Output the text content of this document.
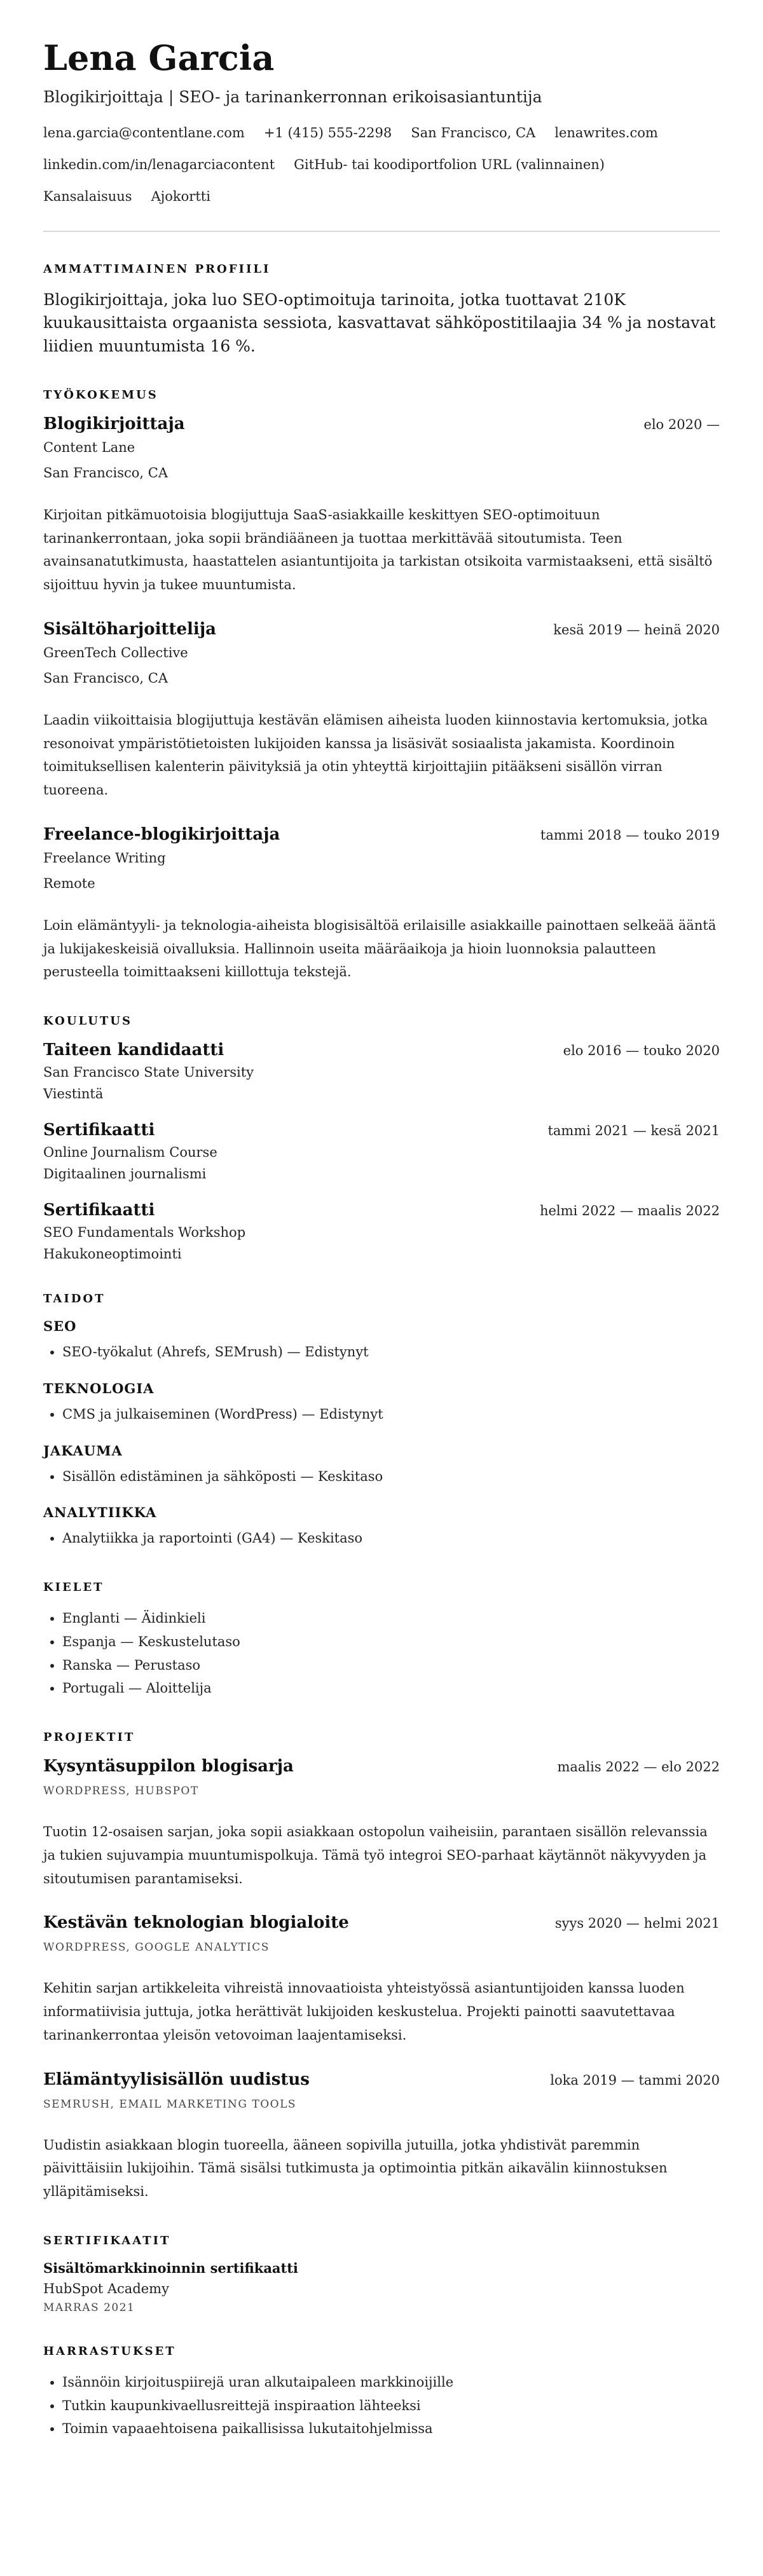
Lena Garcia
Blogikirjoittaja | SEO- ja tarinankerronnan erikoisasiantuntija
lena.garcia@contentlane.com +1 (415) 555-2298 San Francisco, CA lenawrites.com
linkedin.com/in/lenagarciacontent GitHub- tai koodiportfolion URL (valinnainen)
Kansalaisuus Ajokortti
AMMATTIMAINEN PROFIILI

Blogikirjoittaja, joka luo SEO-optimoituja tarinoita, jotka tuottavat 210K kuukausittaista orgaanista sessiota, kasvattavat sähköpostitilaajia 34 % ja nostavat liidien muuntumista 16 %.

TYÖKOKEMUS
Blogikirjoittaja	elo 2020 —
Content Lane
San Francisco, CA
Kirjoitan pitkämuotoisia blogijuttuja SaaS-asiakkaille keskittyen SEO-optimoituun tarinankerrontaan, joka sopii brändiääneen ja tuottaa merkittävää sitoutumista. Teen avainsanatutkimusta, haastattelen asiantuntijoita ja tarkistan otsikoita varmistaakseni, että sisältö sijoittuu hyvin ja tukee muuntumista.
Sisältöharjoittelija	kesä 2019 — heinä 2020
GreenTech Collective
San Francisco, CA
Laadin viikoittaisia blogijuttuja kestävän elämisen aiheista luoden kiinnostavia kertomuksia, jotka resonoivat ympäristötietoisten lukijoiden kanssa ja lisäsivät sosiaalista jakamista. Koordinoin toimituksellisen kalenterin päivityksiä ja otin yhteyttä kirjoittajiin pitääkseni sisällön virran tuoreena.
Freelance-blogikirjoittaja	tammi 2018 — touko 2019
Freelance Writing
Remote
Loin elämäntyyli- ja teknologia-aiheista blogisisältöä erilaisille asiakkaille painottaen selkeää ääntä ja lukijakeskeisiä oivalluksia. Hallinnoin useita määräaikoja ja hioin luonnoksia palautteen perusteella toimittaakseni kiillottuja tekstejä.
KOULUTUS
Taiteen kandidaatti	elo 2016 — touko 2020
San Francisco State University
Viestintä
Sertifikaatti	tammi 2021 — kesä 2021
Online Journalism Course
Digitaalinen journalismi
Sertifikaatti	helmi 2022 — maalis 2022
SEO Fundamentals Workshop
Hakukoneoptimointi
TAIDOT
SEO
• SEO-työkalut (Ahrefs, SEMrush) — Edistynyt
TEKNOLOGIA
• CMS ja julkaiseminen (WordPress) — Edistynyt
JAKAUMA
• Sisällön edistäminen ja sähköposti — Keskitaso
ANALYTIIKKA
• Analytiikka ja raportointi (GA4) — Keskitaso
KIELET
• Englanti — Äidinkieli
• Espanja — Keskustelutaso
• Ranska — Perustaso
• Portugali — Aloittelija
PROJEKTIT
Kysyntäsuppilon blogisarja	maalis 2022 — elo 2022
WORDPRESS, HUBSPOT
Tuotin 12-osaisen sarjan, joka sopii asiakkaan ostopolun vaiheisiin, parantaen sisällön relevanssia ja tukien sujuvampia muuntumispolkuja. Tämä työ integroi SEO-parhaat käytännöt näkyvyyden ja sitoutumisen parantamiseksi.
Kestävän teknologian blogialoite	syys 2020 — helmi 2021
WORDPRESS, GOOGLE ANALYTICS
Kehitin sarjan artikkeleita vihreistä innovaatioista yhteistyössä asiantuntijoiden kanssa luoden informatiivisia juttuja, jotka herättivät lukijoiden keskustelua. Projekti painotti saavutettavaa tarinankerrontaa yleisön vetovoiman laajentamiseksi.
Elämäntyylisisällön uudistus	loka 2019 — tammi 2020
SEMRUSH, EMAIL MARKETING TOOLS
Uudistin asiakkaan blogin tuoreella, ääneen sopivilla jutuilla, jotka yhdistivät paremmin päivittäisiin lukijoihin. Tämä sisälsi tutkimusta ja optimointia pitkän aikavälin kiinnostuksen ylläpitämiseksi.
SERTIFIKAATIT
Sisältömarkkinoinnin sertifikaatti
HubSpot Academy
MARRAS 2021
HARRASTUKSET
• Isännöin kirjoituspiirejä uran alkutaipaleen markkinoijille
• Tutkin kaupunkivaellusreittejä inspiraation lähteeksi
• Toimin vapaaehtoisena paikallisissa lukutaitohjelmissa
